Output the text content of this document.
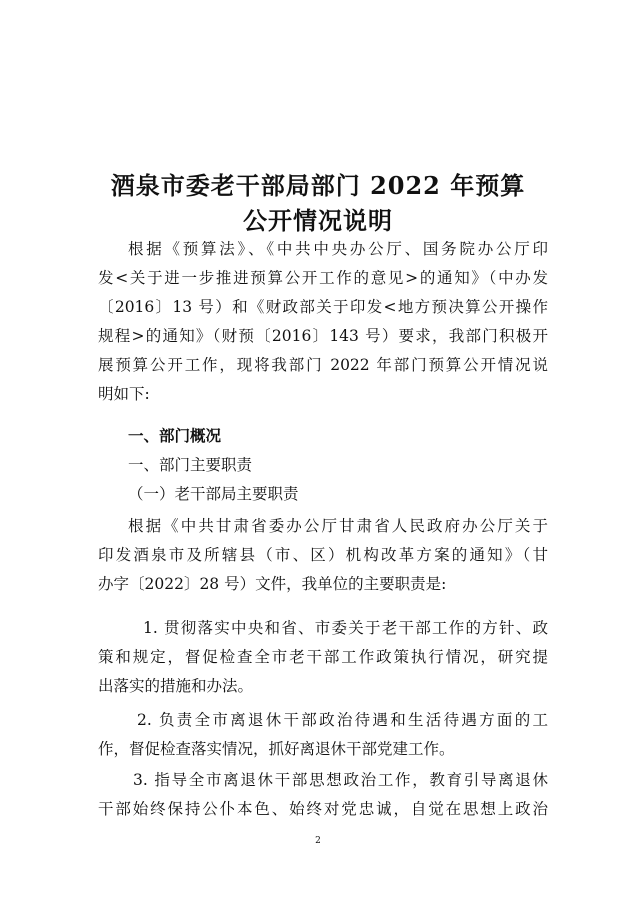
酒泉市委老干部局部门 2022 年预算
公开情况说明

根据《预算法》、《中共中央办公厅、国务院办公厅印

发<关于进一步推进预算公开工作的意见>的通知》（中办发

〔2016〕13 号）和《财政部关于印发<地方预决算公开操作

规程>的通知》（财预〔2016〕143 号）要求，我部门积极开

展预算公开工作，现将我部门 2022 年部门预算公开情况说

明如下:

一、部门概况

一、部门主要职责

（一）老干部局主要职责

根据《中共甘肃省委办公厅甘肃省人民政府办公厅关于

印发酒泉市及所辖县（市、区）机构改革方案的通知》（甘

办字〔2022〕28 号）文件，我单位的主要职责是:

1. 贯彻落实中央和省、市委关于老干部工作的方针、政

策和规定，督促检查全市老干部工作政策执行情况，研究提

出落实的措施和办法。

2. 负责全市离退休干部政治待遇和生活待遇方面的工

作，督促检查落实情况，抓好离退休干部党建工作。

3. 指导全市离退休干部思想政治工作，教育引导离退休

干部始终保持公仆本色、始终对党忠诚，自觉在思想上政治

2
